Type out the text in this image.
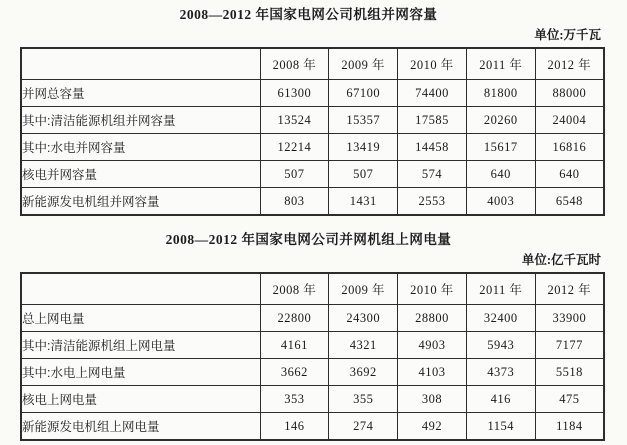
2008—2012 年国家电网公司机组并网容量
单位:万千瓦
	2008 年	2009 年	2010 年	2011 年	2012 年
并网总容量	61300	67100	74400	81800	88000
其中:清洁能源机组并网容量	13524	15357	17585	20260	24004
其中:水电并网容量	12214	13419	14458	15617	16816
核电并网容量	507	507	574	640	640
新能源发电机组并网容量	803	1431	2553	4003	6548
2008—2012 年国家电网公司并网机组上网电量
单位:亿千瓦时
	2008 年	2009 年	2010 年	2011 年	2012 年
总上网电量	22800	24300	28800	32400	33900
其中:清洁能源机组上网电量	4161	4321	4903	5943	7177
其中:水电上网电量	3662	3692	4103	4373	5518
核电上网电量	353	355	308	416	475
新能源发电机组上网电量	146	274	492	1154	1184
